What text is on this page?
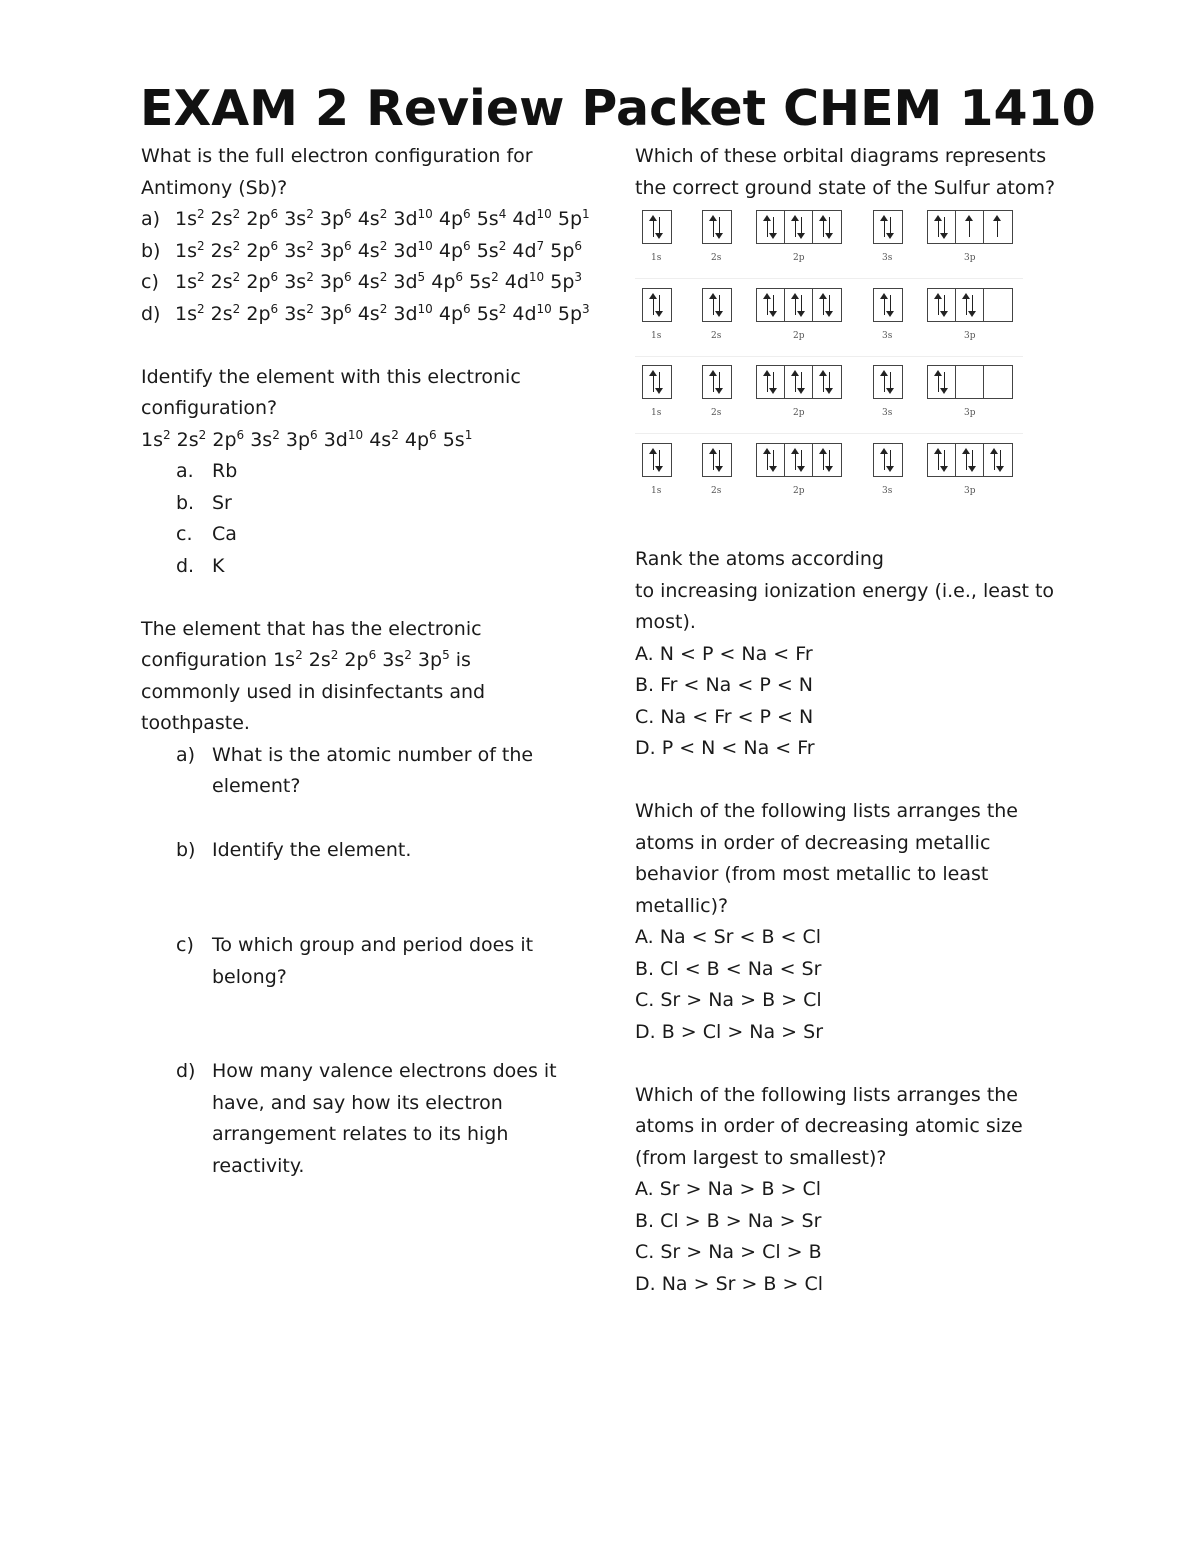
EXAM 2 Review Packet CHEM 1410
What is the full electron configuration for
Antimony (Sb)?
a) $1s^2$ $2s^2$ $2p^6$ $3s^2$ $3p^6$ $4s^2$ $3d^{10}$ $4p^6$ $5s^4$ $4d^{10}$ $5p^1$
b) $1s^2$ $2s^2$ $2p^6$ $3s^2$ $3p^6$ $4s^2$ $3d^{10}$ $4p^6$ $5s^2$ $4d^7$ $5p^6$
c) $1s^2$ $2s^2$ $2p^6$ $3s^2$ $3p^6$ $4s^2$ $3d^5$ $4p^6$ $5s^2$ $4d^{10}$ $5p^3$
d) $1s^2$ $2s^2$ $2p^6$ $3s^2$ $3p^6$ $4s^2$ $3d^{10}$ $4p^6$ $5s^2$ $4d^{10}$ $5p^3$
Identify the element with this electronic
configuration?
$1s^2$ $2s^2$ $2p^6$ $3s^2$ $3p^6$ $3d^{10}$ $4s^2$ $4p^6$ $5s^1$
a. Rb
b. Sr
c.	Ca
d. K
The element that has the electronic
configuration $1s^2$ $2s^2$ $2p^6$ $3s^2$ $3p^5$ is
commonly used in disinfectants and
toothpaste.
a) What is the atomic number of the
element?
b) Identify the element.
c) To which group and period does it
belong?
d) How many valence electrons does it
have, and say how its electron
arrangement relates to its high
reactivity.
Which of these orbital diagrams represents
the correct ground state of the Sulfur atom?
1s	2s	2p	3s	3p
1s	2s	2p	3s	3p
1s	2s	2p	3s	3p
1s	2s	2p	3s	3p
Rank the atoms according
to increasing ionization energy (i.e., least to
most).
A. N < P < Na < Fr
B. Fr < Na < P < N
C. Na < Fr < P < N
D. P < N < Na < Fr
Which of the following lists arranges the
atoms in order of decreasing metallic
behavior (from most metallic to least
metallic)?
A. Na < Sr < B < Cl
B. Cl < B < Na < Sr
C. Sr > Na > B > Cl
D. B > Cl > Na > Sr
Which of the following lists arranges the
atoms in order of decreasing atomic size
(from largest to smallest)?
A. Sr > Na > B > Cl
B. Cl > B > Na > Sr
C. Sr > Na > Cl > B
D. Na > Sr > B > Cl
